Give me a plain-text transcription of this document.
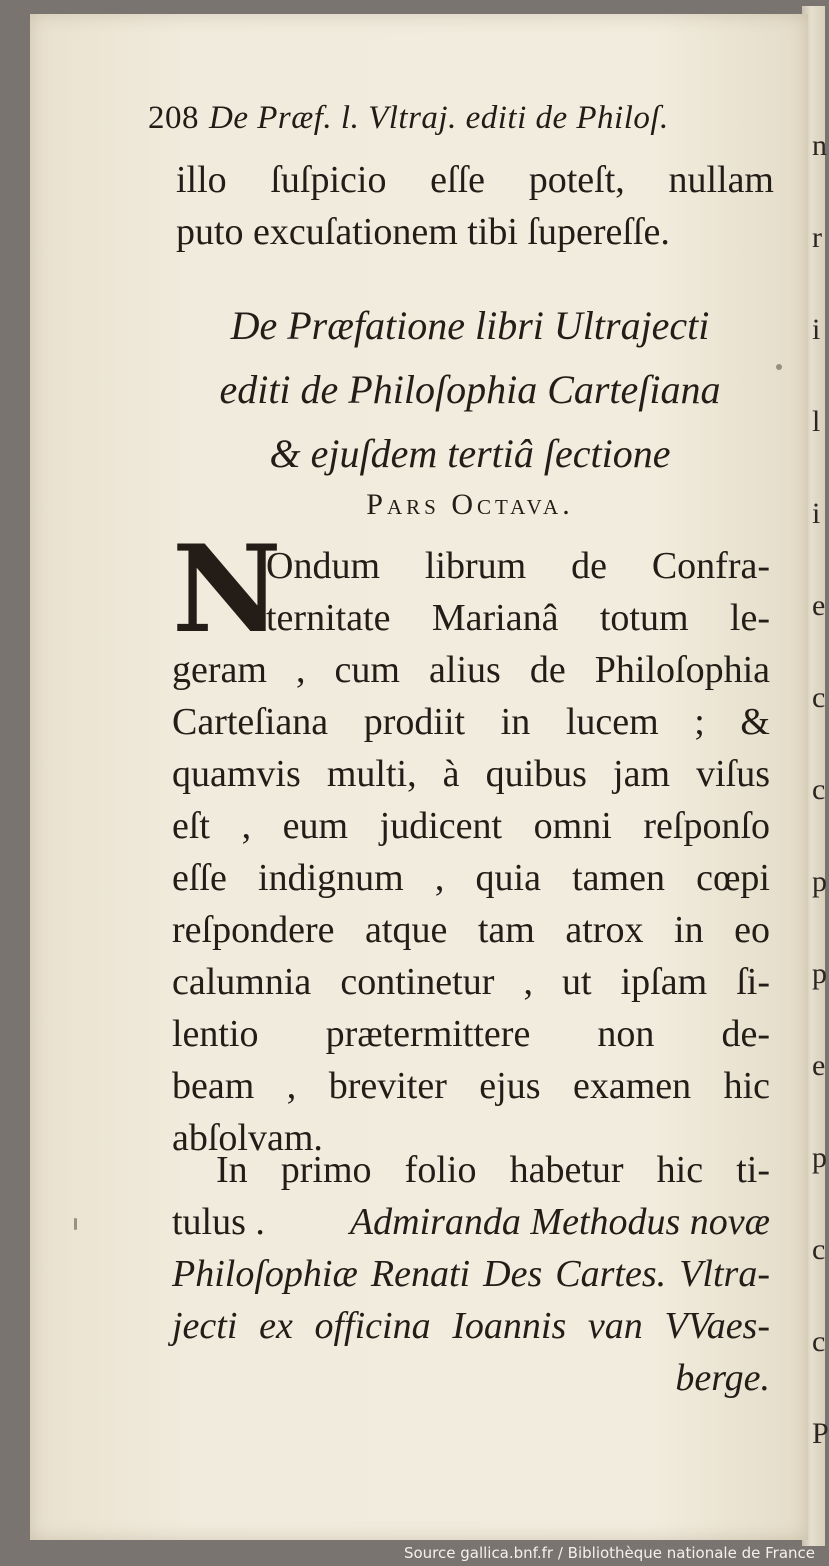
n
r
i
l
i
e
c
c
p
p
e
p
c
c
P
208 De Præf. l. Vltraj. editi de Philoſ.
illo ſuſpicio eſſe poteſt, nullam
puto excuſationem tibi ſupereſſe.
De Præfatione libri Ultrajecti
editi de Philoſophia Carteſiana
& ejuſdem tertiâ ſectione
Pars Octava.
N
Ondum librum de Confra-
ternitate Marianâ totum le-
geram , cum alius de Philoſophia
Carteſiana prodiit in lucem ; &
quamvis multi, à quibus jam viſus
eſt , eum judicent omni reſponſo
eſſe indignum , quia tamen cœpi
reſpondere atque tam atrox in eo
calumnia continetur , ut ipſam ſi-
lentio prætermittere non de-
beam , breviter ejus examen hic
abſolvam.
In primo folio habetur hic ti-
tulus . Admiranda Methodus novæ
Philoſophiæ Renati Des Cartes. Vltra-
jecti ex officina Ioannis van VVaes-
berge.
Source gallica.bnf.fr / Bibliothèque nationale de France
